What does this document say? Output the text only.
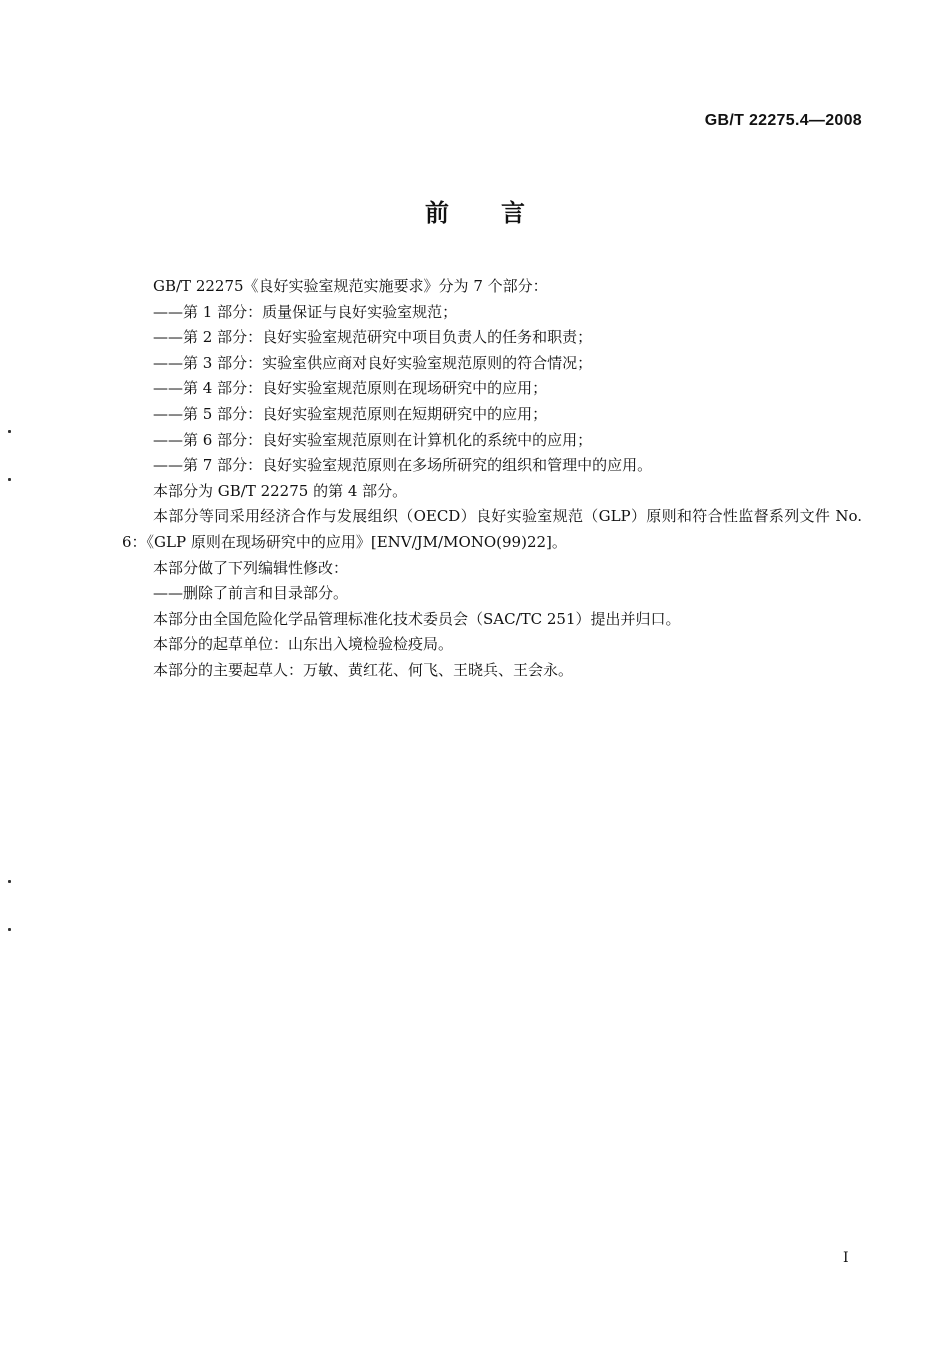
GB/T 22275.4—2008
前言

GB/T 22275《良好实验室规范实施要求》分为 7 个部分：

——第 1 部分：质量保证与良好实验室规范；

——第 2 部分：良好实验室规范研究中项目负责人的任务和职责；

——第 3 部分：实验室供应商对良好实验室规范原则的符合情况；

——第 4 部分：良好实验室规范原则在现场研究中的应用；

——第 5 部分：良好实验室规范原则在短期研究中的应用；

——第 6 部分：良好实验室规范原则在计算机化的系统中的应用；

——第 7 部分：良好实验室规范原则在多场所研究的组织和管理中的应用。

本部分为 GB/T 22275 的第 4 部分。

本部分等同采用经济合作与发展组织（OECD）良好实验室规范（GLP）原则和符合性监督系列文件 No. 6：《GLP 原则在现场研究中的应用》[ENV/JM/MONO(99)22]。

本部分做了下列编辑性修改：

——删除了前言和目录部分。

本部分由全国危险化学品管理标准化技术委员会（SAC/TC 251）提出并归口。

本部分的起草单位：山东出入境检验检疫局。

本部分的主要起草人：万敏、黄红花、何飞、王晓兵、王会永。

I
